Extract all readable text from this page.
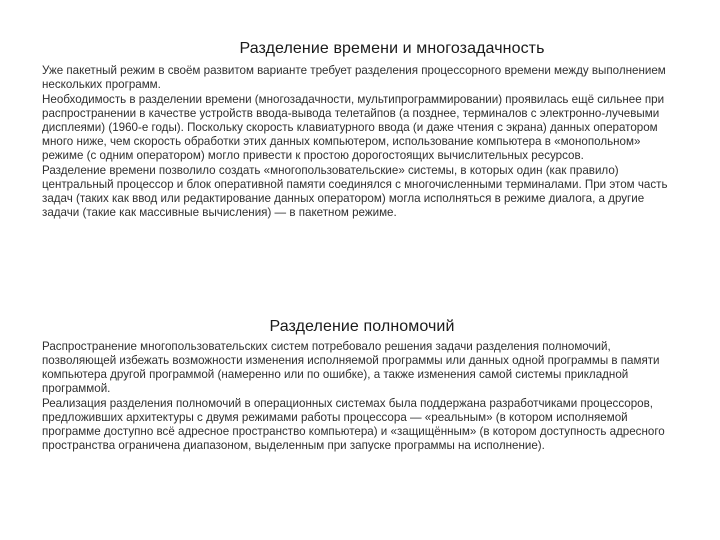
Разделение времени и многозадачность

Уже пакетный режим в своём развитом варианте требует разделения процессорного времени между выполнением нескольких программ.

Необходимость в разделении времени (многозадачности, мультипрограммировании) проявилась ещё сильнее при распространении в качестве устройств ввода-вывода телетайпов (а позднее, терминалов с электронно-лучевыми дисплеями) (1960-е годы). Поскольку скорость клавиатурного ввода (и даже чтения с экрана) данных оператором много ниже, чем скорость обработки этих данных компьютером, использование компьютера в «монопольном» режиме (с одним оператором) могло привести к простою дорогостоящих вычислительных ресурсов.

Разделение времени позволило создать «многопользовательские» системы, в которых один (как правило) центральный процессор и блок оперативной памяти соединялся с многочисленными терминалами. При этом часть задач (таких как ввод или редактирование данных оператором) могла исполняться в режиме диалога, а другие задачи (такие как массивные вычисления) — в пакетном режиме.

Разделение полномочий

Распространение многопользовательских систем потребовало решения задачи разделения полномочий, позволяющей избежать возможности изменения исполняемой программы или данных одной программы в памяти компьютера другой программой (намеренно или по ошибке), а также изменения самой системы прикладной программой.

Реализация разделения полномочий в операционных системах была поддержана разработчиками процессоров, предложивших архитектуры с двумя режимами работы процессора — «реальным» (в котором исполняемой программе доступно всё адресное пространство компьютера) и «защищённым» (в котором доступность адресного пространства ограничена диапазоном, выделенным при запуске программы на исполнение).
